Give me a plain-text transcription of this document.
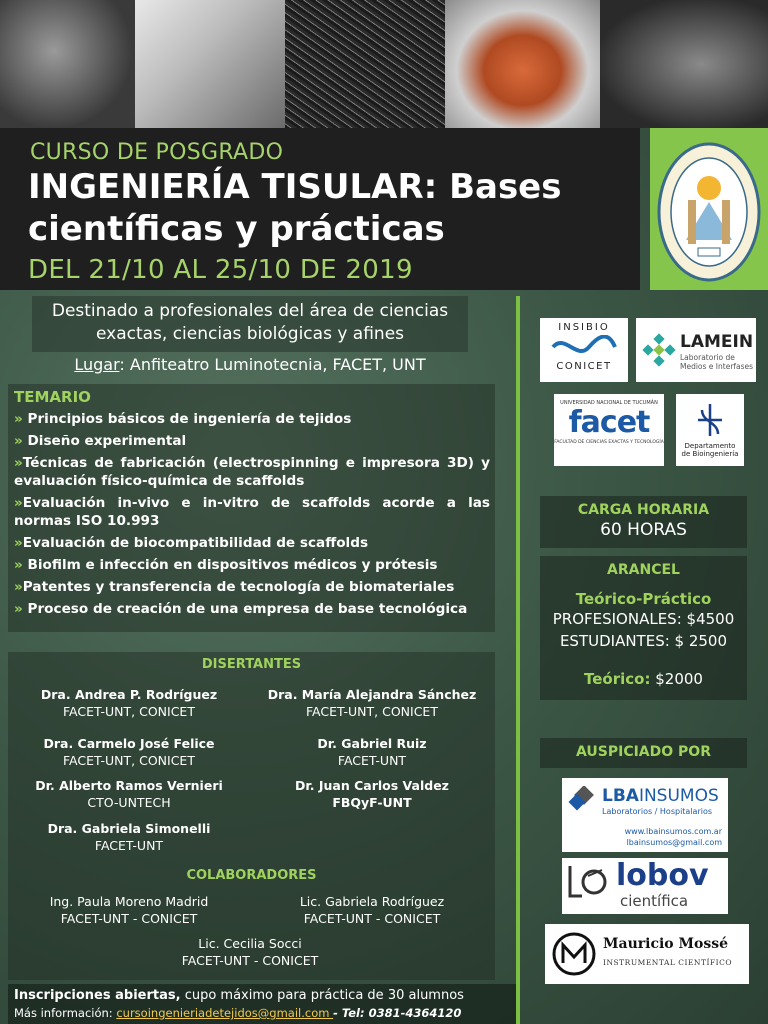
CURSO DE POSGRADO
INGENIERÍA TISULAR: Bases científicas y prácticas
DEL 21/10 AL 25/10 DE 2019
Destinado a profesionales del área de ciencias exactas, ciencias biológicas y afines
Lugar: Anfiteatro Luminotecnia, FACET, UNT
TEMARIO
» Principios básicos de ingeniería de tejidos
» Diseño experimental
»Técnicas de fabricación (electrospinning e impresora 3D) y evaluación físico-química de scaffolds
»Evaluación in-vivo e in-vitro de scaffolds acorde a las normas ISO 10.993
»Evaluación de biocompatibilidad de scaffolds
» Biofilm e infección en dispositivos médicos y prótesis
»Patentes y transferencia de tecnología de biomateriales
» Proceso de creación de una empresa de base tecnológica
DISERTANTES
Dra. Andrea P. Rodríguez
FACET-UNT, CONICET
Dra. María Alejandra Sánchez
FACET-UNT, CONICET
Dra. Carmelo José Felice
FACET-UNT, CONICET
Dr. Gabriel Ruiz
FACET-UNT
Dr. Alberto Ramos Vernieri
CTO-UNTECH
Dr. Juan Carlos Valdez
FBQyF-UNT
Dra. Gabriela Simonelli
FACET-UNT
COLABORADORES
Ing. Paula Moreno Madrid
FACET-UNT - CONICET
Lic. Gabriela Rodríguez
FACET-UNT - CONICET
Lic. Cecilia Socci
FACET-UNT - CONICET
Inscripciones abiertas, cupo máximo para práctica de 30 alumnos
Más información: cursoingenieriadetejidos@gmail.com - Tel: 0381-4364120
INSIBIO
CONICET
LAMEIN
Laboratorio de
Medios e Interfases
UNIVERSIDAD NACIONAL DE TUCUMÁN
facet
FACULTAD DE CIENCIAS EXACTAS Y TECNOLOGÍA	Departamento
de Bioingeniería
CARGA HORARIA
60 HORAS
ARANCEL
Teórico-Práctico
PROFESIONALES: $4500
ESTUDIANTES: $ 2500
Teórico: $2000
AUSPICIADO POR
LBAINSUMOS
Laboratorios / Hospitalarios
www.lbainsumos.com.ar
lbainsumos@gmail.com
lobov
científica
Mauricio Mossé
INSTRUMENTAL CIENTÍFICO
